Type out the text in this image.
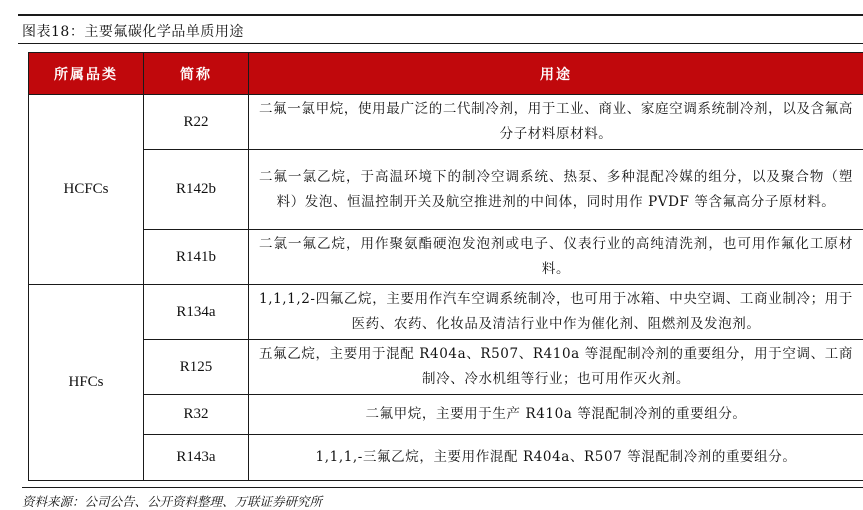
图表18：主要氟碳化学品单质用途
所属品类	简称	用途
HCFCs	R22	二氟一氯甲烷，使用最广泛的二代制冷剂，用于工业、商业、家庭空调系统制冷剂，以及含氟高分子材料原材料。
	R142b	二氟一氯乙烷，于高温环境下的制冷空调系统、热泵、多种混配冷媒的组分，以及聚合物（塑料）发泡、恒温控制开关及航空推进剂的中间体，同时用作 PVDF 等含氟高分子原材料。
	R141b	二氯一氟乙烷，用作聚氨酯硬泡发泡剂或电子、仪表行业的高纯清洗剂，也可用作氟化工原材料。
HFCs	R134a	1,1,1,2-四氟乙烷，主要用作汽车空调系统制冷，也可用于冰箱、中央空调、工商业制冷；用于医药、农药、化妆品及清洁行业中作为催化剂、阻燃剂及发泡剂。
	R125	五氟乙烷，主要用于混配 R404a、R507、R410a 等混配制冷剂的重要组分，用于空调、工商制冷、冷水机组等行业；也可用作灭火剂。
	R32	二氟甲烷，主要用于生产 R410a 等混配制冷剂的重要组分。
	R143a	1,1,1,-三氟乙烷，主要用作混配 R404a、R507 等混配制冷剂的重要组分。
资料来源：公司公告、公开资料整理、万联证券研究所
